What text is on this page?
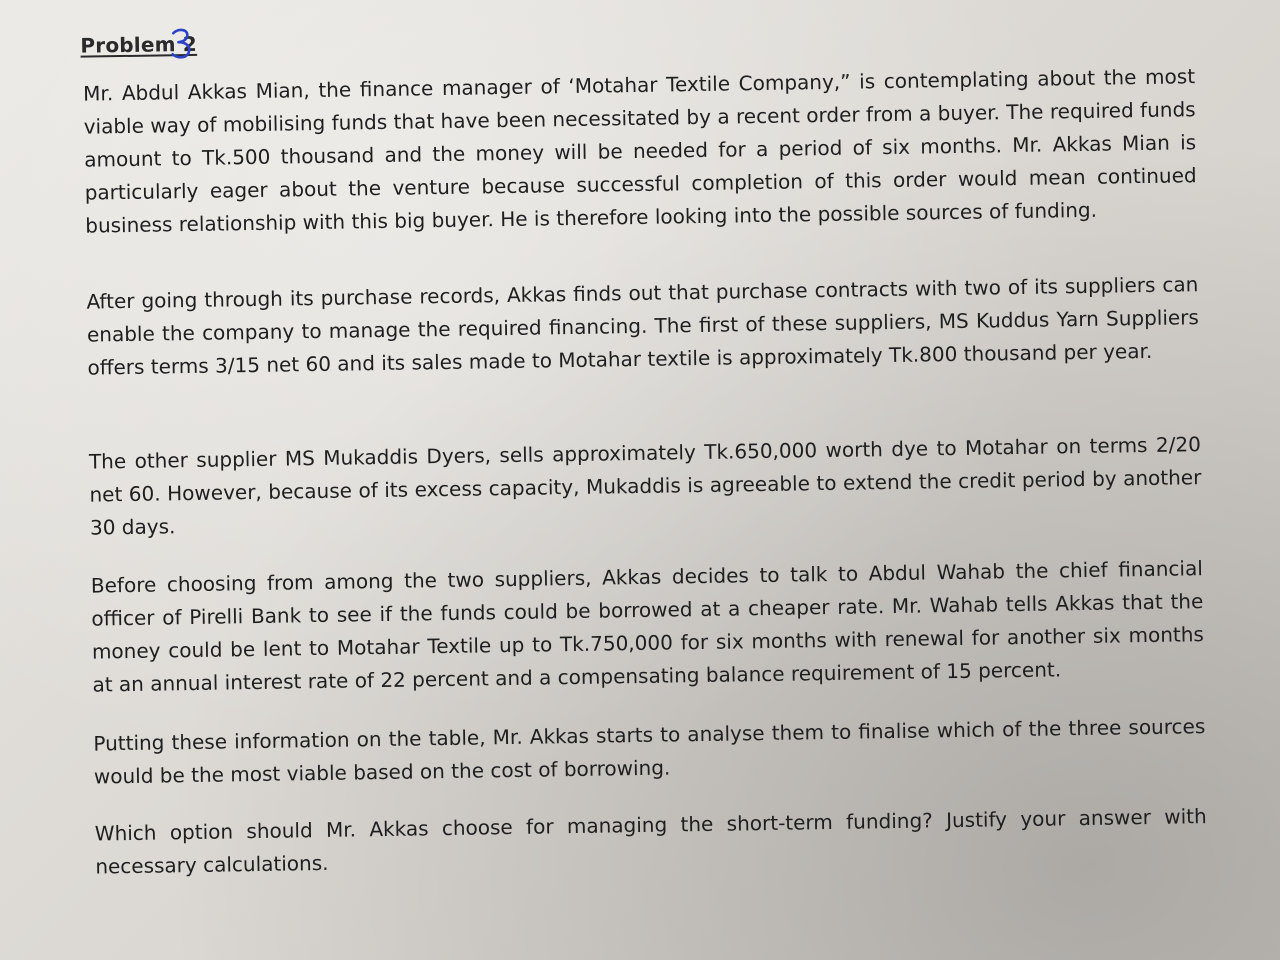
Problem 2

Mr. Abdul Akkas Mian, the finance manager of ‘Motahar Textile Company,” is contemplating about the most viable way of mobilising funds that have been necessitated by a recent order from a buyer. The required funds amount to Tk.500 thousand and the money will be needed for a period of six months. Mr. Akkas Mian is particularly eager about the venture because successful completion of this order would mean continued business relationship with this big buyer. He is therefore looking into the possible sources of funding.

After going through its purchase records, Akkas finds out that purchase contracts with two of its suppliers can enable the company to manage the required financing. The first of these suppliers, MS Kuddus Yarn Suppliers offers terms 3/15 net 60 and its sales made to Motahar textile is approximately Tk.800 thousand per year.

The other supplier MS Mukaddis Dyers, sells approximately Tk.650,000 worth dye to Motahar on terms 2/20 net 60. However, because of its excess capacity, Mukaddis is agreeable to extend the credit period by another 30 days.

Before choosing from among the two suppliers, Akkas decides to talk to Abdul Wahab the chief financial officer of Pirelli Bank to see if the funds could be borrowed at a cheaper rate. Mr. Wahab tells Akkas that the money could be lent to Motahar Textile up to Tk.750,000 for six months with renewal for another six months at an annual interest rate of 22 percent and a compensating balance requirement of 15 percent.

Putting these information on the table, Mr. Akkas starts to analyse them to finalise which of the three sources would be the most viable based on the cost of borrowing.

Which option should Mr. Akkas choose for managing the short-term funding? Justify your answer with necessary calculations.
